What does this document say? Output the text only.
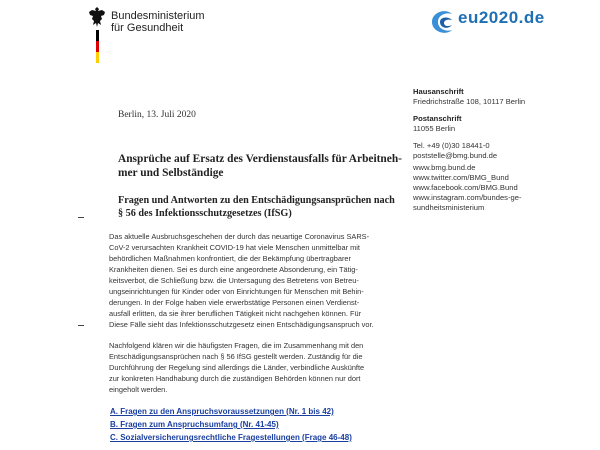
Bundesministerium
für Gesundheit
eu2020.de
Hausanschrift
Friedrichstraße 108, 10117 Berlin
Postanschrift
11055 Berlin
Tel. +49 (0)30 18441-0
poststelle@bmg.bund.de
www.bmg.bund.de
www.twitter.com/BMG_Bund
www.facebook.com/BMG.Bund
www.instagram.com/bundes-ge-
sundheitsministerium
Berlin, 13. Juli 2020
Ansprüche auf Ersatz des Verdienstausfalls für Arbeitneh-
mer und Selbständige
Fragen und Antworten zu den Entschädigungsansprüchen nach
§ 56 des Infektionsschutzgesetzes (IfSG)
Das aktuelle Ausbruchsgeschehen der durch das neuartige Coronavirus SARS-
CoV-2 verursachten Krankheit COVID-19 hat viele Menschen unmittelbar mit
behördlichen Maßnahmen konfrontiert, die der Bekämpfung übertragbarer
Krankheiten dienen. Sei es durch eine angeordnete Absonderung, ein Tätig-
keitsverbot, die Schließung bzw. die Untersagung des Betretens von Betreu-
ungseinrichtungen für Kinder oder von Einrichtungen für Menschen mit Behin-
derungen. In der Folge haben viele erwerbstätige Personen einen Verdienst-
ausfall erlitten, da sie ihrer beruflichen Tätigkeit nicht nachgehen können. Für
Diese Fälle sieht das Infektionsschutzgesetz einen Entschädigungsanspruch vor.
Nachfolgend klären wir die häufigsten Fragen, die im Zusammenhang mit den
Entschädigungsansprüchen nach § 56 IfSG gestellt werden. Zuständig für die
Durchführung der Regelung sind allerdings die Länder, verbindliche Auskünfte
zur konkreten Handhabung durch die zuständigen Behörden können nur dort
eingeholt werden.
A. Fragen zu den Anspruchsvoraussetzungen (Nr. 1 bis 42)
B. Fragen zum Anspruchsumfang (Nr. 41-45)
C. Sozialversicherungsrechtliche Fragestellungen (Frage 46-48)
